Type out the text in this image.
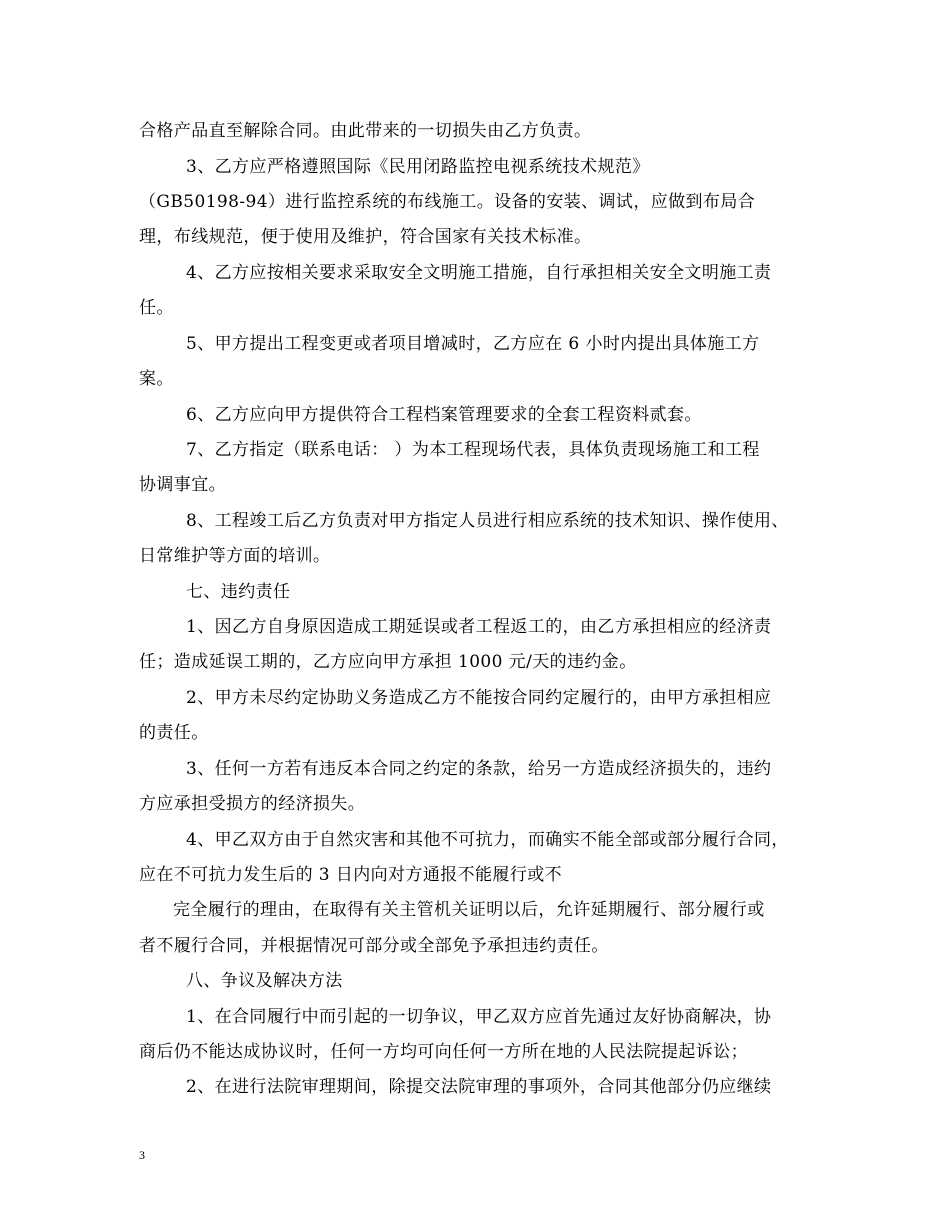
合格产品直至解除合同。由此带来的一切损失由乙方负责。
3、乙方应严格遵照国际《民用闭路监控电视系统技术规范》
（GB50198-94）进行监控系统的布线施工。设备的安装、调试，应做到布局合
理，布线规范，便于使用及维护，符合国家有关技术标准。
4、乙方应按相关要求采取安全文明施工措施，自行承担相关安全文明施工责
任。
5、甲方提出工程变更或者项目增减时，乙方应在 6 小时内提出具体施工方
案。
6、乙方应向甲方提供符合工程档案管理要求的全套工程资料贰套。
7、乙方指定（联系电话： ）为本工程现场代表，具体负责现场施工和工程
协调事宜。
8、工程竣工后乙方负责对甲方指定人员进行相应系统的技术知识、操作使用、
日常维护等方面的培训。
七、违约责任
1、因乙方自身原因造成工期延误或者工程返工的，由乙方承担相应的经济责
任；造成延误工期的，乙方应向甲方承担 1000 元/天的违约金。
2、甲方未尽约定协助义务造成乙方不能按合同约定履行的，由甲方承担相应
的责任。
3、任何一方若有违反本合同之约定的条款，给另一方造成经济损失的，违约
方应承担受损方的经济损失。
4、甲乙双方由于自然灾害和其他不可抗力，而确实不能全部或部分履行合同，
应在不可抗力发生后的 3 日内向对方通报不能履行或不
完全履行的理由，在取得有关主管机关证明以后，允许延期履行、部分履行或
者不履行合同，并根据情况可部分或全部免予承担违约责任。
八、争议及解决方法
1、在合同履行中而引起的一切争议，甲乙双方应首先通过友好协商解决，协
商后仍不能达成协议时，任何一方均可向任何一方所在地的人民法院提起诉讼；
2、在进行法院审理期间，除提交法院审理的事项外，合同其他部分仍应继续
3
